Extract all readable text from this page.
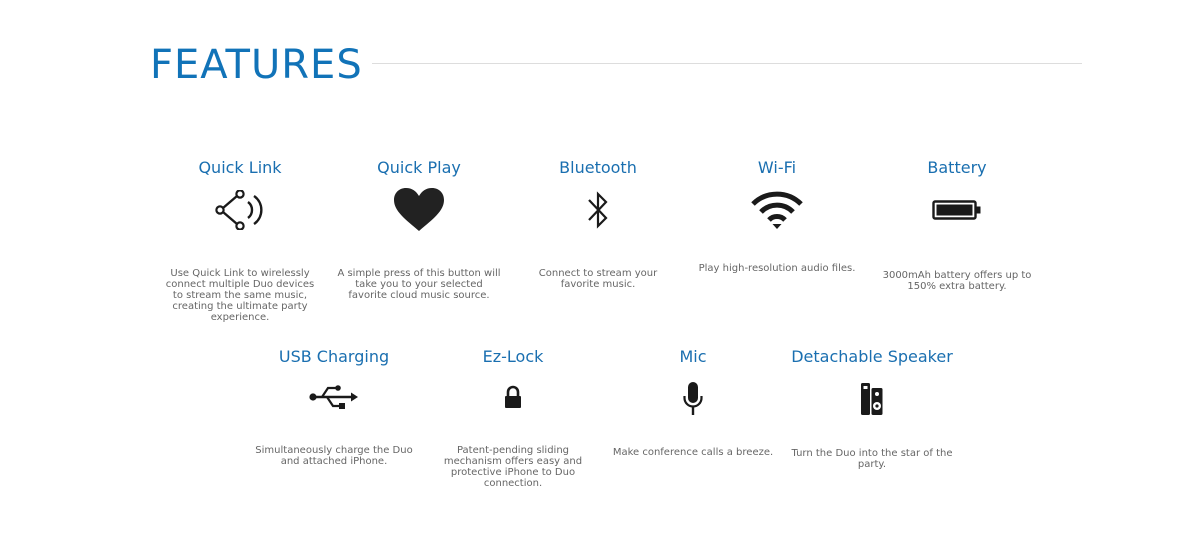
FEATURES
Quick Link
Use Quick Link to wirelessly connect multiple Duo devices to stream the same music, creating the ultimate party experience.
Quick Play
A simple press of this button will take you to your selected favorite cloud music source.
Bluetooth
Connect to stream your favorite music.
Wi-Fi
Play high-resolution audio files.
Battery
3000mAh battery offers up to 150% extra battery.
USB Charging
Simultaneously charge the Duo and attached iPhone.
Ez-Lock
Patent-pending sliding mechanism offers easy and protective iPhone to Duo connection.
Mic
Make conference calls a breeze.
Detachable Speaker
Turn the Duo into the star of the party.
